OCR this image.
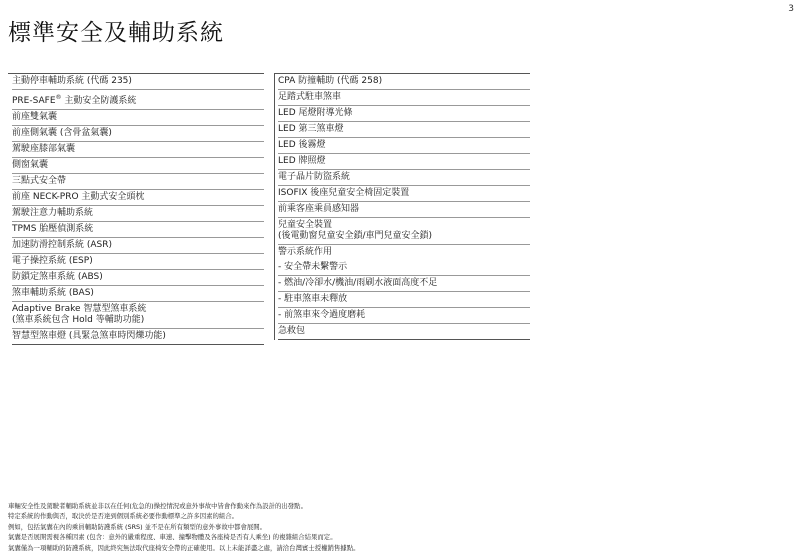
3
標準安全及輔助系統
主動停車輔助系統 (代碼 235)
PRE-SAFE® 主動安全防護系統
前座雙氣囊
前座側氣囊 (含骨盆氣囊)
駕駛座膝部氣囊
側窗氣囊
三點式安全帶
前座 NECK-PRO 主動式安全頭枕
駕駛注意力輔助系統
TPMS 胎壓偵測系統
加速防滑控制系統 (ASR)
電子操控系統 (ESP)
防鎖定煞車系統 (ABS)
煞車輔助系統 (BAS)
Adaptive Brake 智慧型煞車系統
(煞車系統包含 Hold 等輔助功能)
智慧型煞車燈 (具緊急煞車時閃爍功能)
CPA 防撞輔助 (代碼 258)
足踏式駐車煞車
LED 尾燈附導光條
LED 第三煞車燈
LED 後霧燈
LED 牌照燈
電子晶片防盜系統
ISOFIX 後座兒童安全椅固定裝置
前乘客座乘員感知器
兒童安全裝置
(後電動窗兒童安全鎖/車門兒童安全鎖)
警示系統作用
- 安全帶未繫警示
- 燃油/冷卻水/機油/雨刷水液面高度不足
- 駐車煞車未釋放
- 前煞車來令過度磨耗
急救包
車輛安全性及駕駛者輔助系統並非以在任何(危急的)操控情況或意外事故中皆會作動來作為設計的出發點。
特定系統的作動與否，取決於是否達到個別系統必要作動標準之許多因素的組合。
例如，包括氣囊在內的乘員輔助防護系統 (SRS) 並不是在所有類型的意外事故中都會展開。
氣囊是否展開需視各種因素 (包含：意外的嚴重程度、車速、撞擊物體及各座椅是否有人乘坐) 的複雜組合結果而定。
氣囊僅為一項輔助的防護系統，因此終究無法取代座椅安全帶的正確使用。以上未能詳盡之處，請洽台灣賓士授權銷售據點。
